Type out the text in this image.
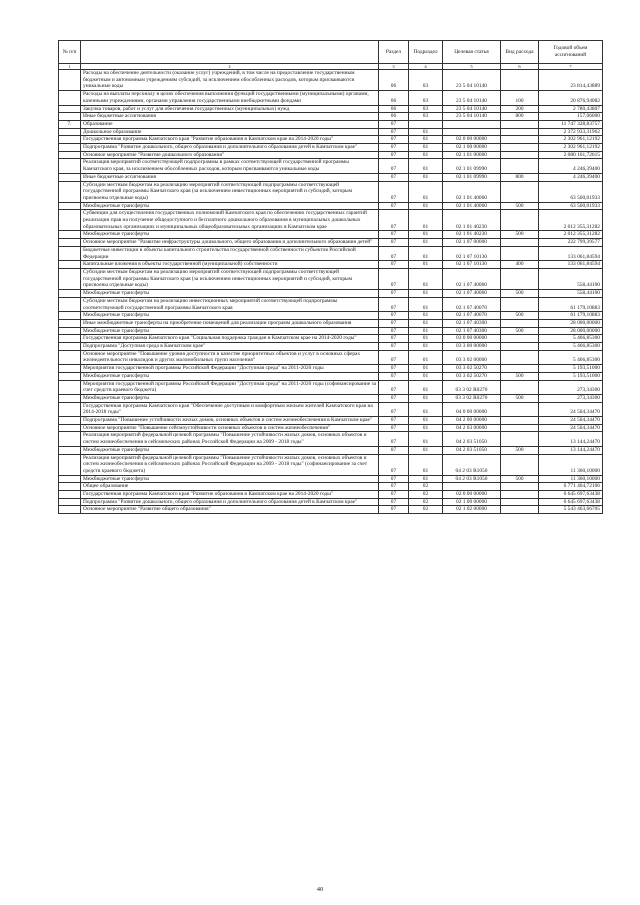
№ п/п		Раздел	Подраздел	Целевая статья	Вид расхода	Годовой объем ассигнований
1	2	3	4	5	6	7
	Расходы на обеспечение деятельности (оказание услуг) учреждений, в том числе на предоставление государственным бюджетным и автономным учреждениям субсидий, за исключением обособленных расходов, которым присваиваются уникальные коды	06	03	23 5 04 10140		23 814,43889
	Расходы на выплаты персоналу в целях обеспечения выполнения функций государственными (муниципальными) органами, казенными учреждениями, органами управления государственными внебюджетными фондами	06	03	23 5 04 10140	100	20 876,94082
	Закупка товаров, работ и услуг для обеспечения государственных (муниципальных) нужд	06	03	23 5 04 10140	200	2 780,43807
	Иные бюджетные ассигнования	06	03	23 5 04 10140	800	157,06000
7.	Образование	07				11 747 328,83757
	Дошкольное образование	07	01			2 372 933,31962
	Государственная программа Камчатского края "Развитие образования в Камчатском крае на 2014-2020 годы"	07	01	02 0 00 00000		2 302 961,12192
	Подпрограмма "Развитие дошкольного, общего образования и дополнительного образования детей в Камчатском крае"	07	01	02 1 00 00000		2 302 961,12192
	Основное мероприятие "Развитие дошкольного образования"	07	01	02 1 01 00000		2 080 161,72615
	Реализация мероприятий соответствующей подпрограммы в рамках соответствующей государственной программы Камчатского края, за исключением обособленных расходов, которым присваиваются уникальные коды	07	01	02 1 01 09990		4 246,39400
	Иные бюджетные ассигнования	07	01	02 1 01 09990	800	4 246,39400
	Субсидии местным бюджетам на реализацию мероприятий соответствующей подпрограммы соответствующей государственной программы Камчатского края (за исключением инвестиционных мероприятий и субсидий, которым присвоены отдельные коды)	07	01	02 1 01 40060		63 560,01933
	Межбюджетные трансферты	07	01	02 1 01 40060	500	63 560,01933
	Субвенции для осуществления государственных полномочий Камчатского края по обеспечению государственных гарантий реализации прав на получение общедоступного и бесплатного дошкольного образования в муниципальных дошкольных образовательных организациях и муниципальных общеобразовательных организациях в Камчатском крае	07	01	02 1 01 40230		2 012 355,31282
	Межбюджетные трансферты	07	01	02 1 01 40230	500	2 012 355,31282
	Основное мероприятие "Развитие инфраструктуры дошкольного, общего образования и дополнительного образования детей"	07	01	02 1 07 00000		222 799,39577
	Бюджетные инвестиции в объекты капитального строительства государственной собственности субъектов Российской Федерации	07	01	02 1 07 10130		133 061,84594
	Капитальные вложения в объекты государственной (муниципальной) собственности	07	01	02 1 07 10130	400	133 061,84594
	Субсидии местным бюджетам на реализацию мероприятий соответствующей подпрограммы соответствующей государственной программы Камчатского края (за исключением инвестиционных мероприятий и субсидий, которым присвоены отдельные коды)	07	01	02 1 07 40060		558,44100
	Межбюджетные трансферты	07	01	02 1 07 40060	500	558,44100
	Субсидии местным бюджетам на реализацию инвестиционных мероприятий соответствующей подпрограммы соответствующей государственной программы Камчатского края	07	01	02 1 07 40070		61 179,10883
	Межбюджетные трансферты	07	01	02 1 07 40070	500	61 179,10883
	Иные межбюджетные трансферты на приобретение помещений для реализации программ дошкольного образования	07	01	02 1 07 40300		28 000,00000
	Межбюджетные трансферты	07	01	02 1 07 40300	500	28 000,00000
	Государственная программа Камчатского края "Социальная поддержка граждан в Камчатском крае на 2014-2020 годы"	07	01	03 0 00 00000		5 466,85300
	Подпрограмма "Доступная среда в Камчатском крае"	07	01	03 3 00 00000		5 466,85300
	Основное мероприятие "Повышение уровня доступности в качестве приоритетных объектов и услуг в основных сферах жизнедеятельности инвалидов и других маломобильных групп населения"	07	01	03 3 02 00000		5 466,85300
	Мероприятия государственной программы Российской Федерации "Доступная среда" на 2011-2020 годы	07	01	03 3 02 50270		5 193,51000
	Межбюджетные трансферты	07	01	03 3 02 50270	500	5 193,51000
	Мероприятия государственной программы Российской Федерации "Доступная среда" на 2011-2020 годы (софинансирование за счет средств краевого бюджета)	07	01	03 3 02 R0270		273,34300
	Межбюджетные трансферты	07	01	03 3 02 R0270	500	273,34300
	Государственная программа Камчатского края "Обеспечение доступным и комфортным жильем жителей Камчатского края на 2014-2018 годы"	07	01	04 0 00 00000		24 504,34470
	Подпрограмма "Повышение устойчивости жилых домов, основных объектов и систем жизнеобеспечения в Камчатском крае"	07	01	04 2 00 00000		24 504,34470
	Основное мероприятие "Повышение сейсмоустойчивости основных объектов и систем жизнеобеспечения"	07	01	04 2 03 00000		24 504,34470
	Реализация мероприятий федеральной целевой программы "Повышение устойчивости жилых домов, основных объектов и систем жизнеобеспечения в сейсмических районах Российской Федерации на 2009 - 2018 годы"	07	01	04 2 03 51050		13 144,24470
	Межбюджетные трансферты	07	01	04 2 03 51050	500	13 144,24470
	Реализация мероприятий федеральной целевой программы "Повышение устойчивости жилых домов, основных объектов и систем жизнеобеспечения в сейсмических районах Российской Федерации на 2009 - 2018 годы" (софинансирование за счет средств краевого бюджета)	07	01	04 2 03 R1050		11 360,10000
	Межбюджетные трансферты	07	01	04 2 03 R1050	500	11 360,10000
	Общее образование	07	02			6 771 464,72106
	Государственная программа Камчатского края "Развитие образования в Камчатском крае на 2014-2020 годы"	07	02	02 0 00 00000		6 645 697,63438
	Подпрограмма "Развитие дошкольного, общего образования и дополнительного образования детей в Камчатском крае"	07	02	02 1 00 00000		6 645 697,63438
	Основное мероприятие "Развитие общего образования"	07	02	02 1 02 00000		5 543 463,66705
40
